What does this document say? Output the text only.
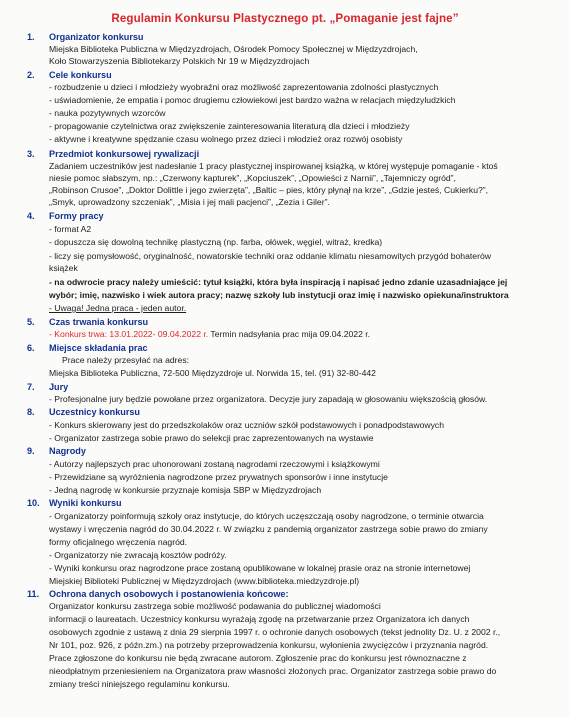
Regulamin Konkursu Plastycznego pt. „Pomaganie jest fajne”
1. Organizator konkursu
Miejska Biblioteka Publiczna w Międzyzdrojach, Ośrodek Pomocy Społecznej w Międzyzdrojach,
Koło Stowarzyszenia Bibliotekarzy Polskich Nr 19 w Międzyzdrojach
2. Cele konkursu
- rozbudzenie u dzieci i młodzieży wyobraźni oraz możliwość zaprezentowania zdolności plastycznych
- uświadomienie, że empatia i pomoc drugiemu człowiekowi jest bardzo ważna w relacjach międzyludzkich
- nauka pozytywnych wzorców
- propagowanie czytelnictwa oraz zwiększenie zainteresowania literaturą dla dzieci i młodzieży
- aktywne i kreatywne spędzanie czasu wolnego przez dzieci i młodzież oraz rozwój osobisty
3. Przedmiot konkursowej rywalizacji
Zadaniem uczestników jest nadesłanie 1 pracy plastycznej inspirowanej książką, w której występuje pomaganie - ktoś
niesie pomoc słabszym, np.: „Czerwony kapturek”, „Kopciuszek”, „Opowieści z Narnii”, „Tajemniczy ogród”,
„Robinson Crusoe”, „Doktor Dolittle i jego zwierzęta”, „Baltic – pies, który płynął na krze”, „Gdzie jesteś, Cukierku?”,
„Smyk, uprowadzony szczeniak”, „Misia i jej mali pacjenci”, „Zezia i Giler”.
4. Formy pracy
- format A2
- dopuszcza się dowolną technikę plastyczną (np. farba, ołówek, węgiel, witraż, kredka)
- liczy się pomysłowość, oryginalność, nowatorskie techniki oraz oddanie klimatu niesamowitych przygód bohaterów
książek
- na odwrocie pracy należy umieścić: tytuł książki, która była inspiracją i napisać jedno zdanie uzasadniające jej
wybór; imię, nazwisko i wiek autora pracy; nazwę szkoły lub instytucji oraz imię i nazwisko opiekuna/instruktora
- Uwaga! Jedna praca - jeden autor.
5. Czas trwania konkursu
- Konkurs trwa: 13.01.2022- 09.04.2022 r. Termin nadsyłania prac mija 09.04.2022 r.
6. Miejsce składania prac
Prace należy przesyłać na adres:
Miejska Biblioteka Publiczna, 72-500 Międzyzdroje ul. Norwida 15, tel. (91) 32-80-442
7. Jury
- Profesjonalne jury będzie powołane przez organizatora. Decyzje jury zapadają w głosowaniu większością głosów.
8. Uczestnicy konkursu
- Konkurs skierowany jest do przedszkolaków oraz uczniów szkół podstawowych i ponadpodstawowych
- Organizator zastrzega sobie prawo do selekcji prac zaprezentowanych na wystawie
9. Nagrody
- Autorzy najlepszych prac uhonorowani zostaną nagrodami rzeczowymi i książkowymi
- Przewidziane są wyróżnienia nagrodzone przez prywatnych sponsorów i inne instytucje
- Jedną nagrodę w konkursie przyznaje komisja SBP w Międzyzdrojach
10. Wyniki konkursu
- Organizatorzy poinformują szkoły oraz instytucje, do których uczęszczają osoby nagrodzone, o terminie otwarcia
wystawy i wręczenia nagród do 30.04.2022 r. W związku z pandemią organizator zastrzega sobie prawo do zmiany
formy oficjalnego wręczenia nagród.
- Organizatorzy nie zwracają kosztów podróży.
- Wyniki konkursu oraz nagrodzone prace zostaną opublikowane w lokalnej prasie oraz na stronie internetowej
Miejskiej Biblioteki Publicznej w Międzyzdrojach (www.biblioteka.miedzyzdroje.pl)
11. Ochrona danych osobowych i postanowienia końcowe:
Organizator konkursu zastrzega sobie możliwość podawania do publicznej wiadomości
informacji o laureatach. Uczestnicy konkursu wyrażają zgodę na przetwarzanie przez Organizatora ich danych
osobowych zgodnie z ustawą z dnia 29 sierpnia 1997 r. o ochronie danych osobowych (tekst jednolity Dz. U. z 2002 r.,
Nr 101, poz. 926, z późn.zm.) na potrzeby przeprowadzenia konkursu, wyłonienia zwycięzców i przyznania nagród.
Prace zgłoszone do konkursu nie będą zwracane autorom. Zgłoszenie prac do konkursu jest równoznaczne z
nieodpłatnym przeniesieniem na Organizatora praw własności złożonych prac. Organizator zastrzega sobie prawo do
zmiany treści niniejszego regulaminu konkursu.
